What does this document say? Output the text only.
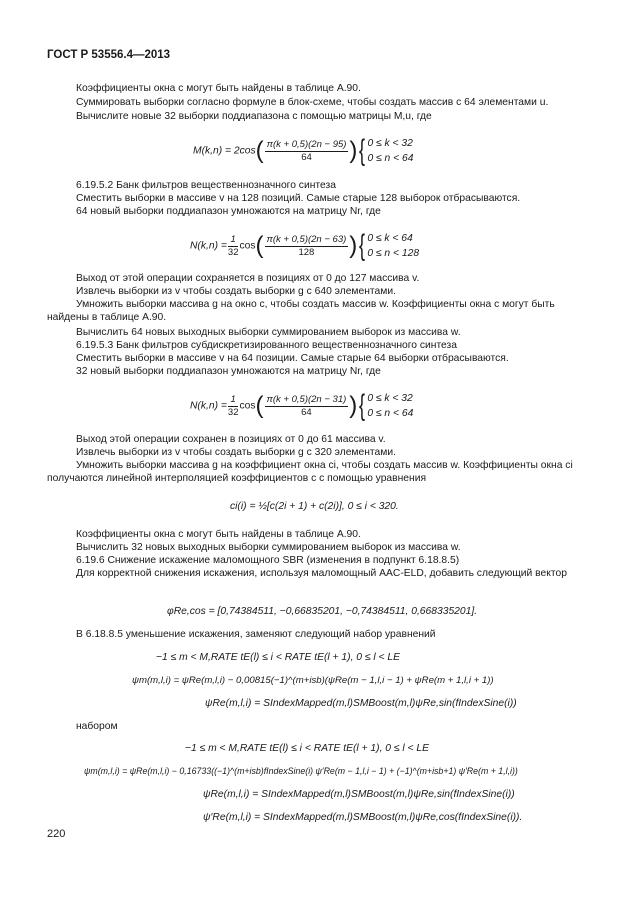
ГОСТ Р 53556.4—2013
Коэффициенты окна c могут быть найдены в таблице A.90.
Суммировать выборки согласно формуле в блок-схеме, чтобы создать массив c 64 элементами u.
Вычислите новые 32 выборки поддиапазона с помощью матрицы M,u, где
$M(k,n) = 2\cos( \frac{\pi(k + 0,5)(2n - 95)}{64}$ ){ 0 ≤ k < 32
0 ≤ n < 64
6.19.5.2 Банк фильтров вещественнозначного синтеза
Сместить выборки в массиве v на 128 позиций. Самые старые 128 выборок отбрасываются.
64 новый выборки поддиапазон умножаются на матрицу Nr, где
$N(k,n) = \frac{1}{32} \cos( \frac{\pi(k + 0,5)(2n - 63)}{128}$ ){ 0 ≤ k < 64
0 ≤ n < 128
Выход от этой операции сохраняется в позициях от 0 до 127 массива v.
Извлечь выборки из v чтобы создать выборки g c 640 элементами.
Умножить выборки массива g на окно c, чтобы создать массив w. Коэффициенты окна c могут быть найдены в таблице A.90.
Вычислить 64 новых выходных выборки суммированием выборок из массива w.
6.19.5.3 Банк фильтров субдискретизированного вещественнозначного синтеза
Сместить выборки в массиве v на 64 позиции. Самые старые 64 выборки отбрасываются.
32 новый выборки поддиапазон умножаются на матрицу Nr, где
$N(k,n) = \frac{1}{32} \cos( \frac{\pi(k + 0,5)(2n - 31)}{64}$ ){ 0 ≤ k < 32
0 ≤ n < 64
Выход этой операции сохранен в позициях от 0 до 61 массива v.
Извлечь выборки из v чтобы создать выборки g c 320 элементами.
Умножить выборки массива g на коэффициент окна ci, чтобы создать массив w. Коэффициенты окна ci получаются линейной интерполяцией коэффициентов c c помощью уравнения
ci(i) = ½[c(2i + 1) + c(2i)], 0 ≤ i < 320.
Коэффициенты окна c могут быть найдены в таблице A.90.
Вычислить 32 новых выходных выборки суммированием выборок из массива w.
6.19.6 Снижение искажение маломощного SBR (изменения в подпункт 6.18.8.5)
Для корректной снижения искажения, используя маломощный AAC-ELD, добавить следующий вектор
φRe,cos = [0,74384511, −0,66835201, −0,74384511, 0,668335201].
В 6.18.8.5 уменьшение искажения, заменяют следующий набор уравнений
−1 ≤ m < M,RATE tE(l) ≤ i < RATE tE(l + 1), 0 ≤ l < LE
ψm(m,l,i) = ψRe(m,l,i) − 0,00815(−1)^(m+isb)(ψRe(m − 1,l,i − 1) + ψRe(m + 1,l,i + 1))
ψRe(m,l,i) = SIndexMapped(m,l)SMBoost(m,l)ψRe,sin(fIndexSine(i))
набором
−1 ≤ m < M,RATE tE(l) ≤ i < RATE tE(l + 1), 0 ≤ l < LE
ψm(m,l,i) = ψRe(m,l,i) − 0,16733((−1)^(m+isb)fIndexSine(i) ψ′Re(m − 1,l,i − 1) + (−1)^(m+isb+1) ψ′Re(m + 1,l,i))
ψRe(m,l,i) = SIndexMapped(m,l)SMBoost(m,l)ψRe,sin(fIndexSine(i))
ψ′Re(m,l,i) = SIndexMapped(m,l)SMBoost(m,l)ψRe,cos(fIndexSine(i)).
220
